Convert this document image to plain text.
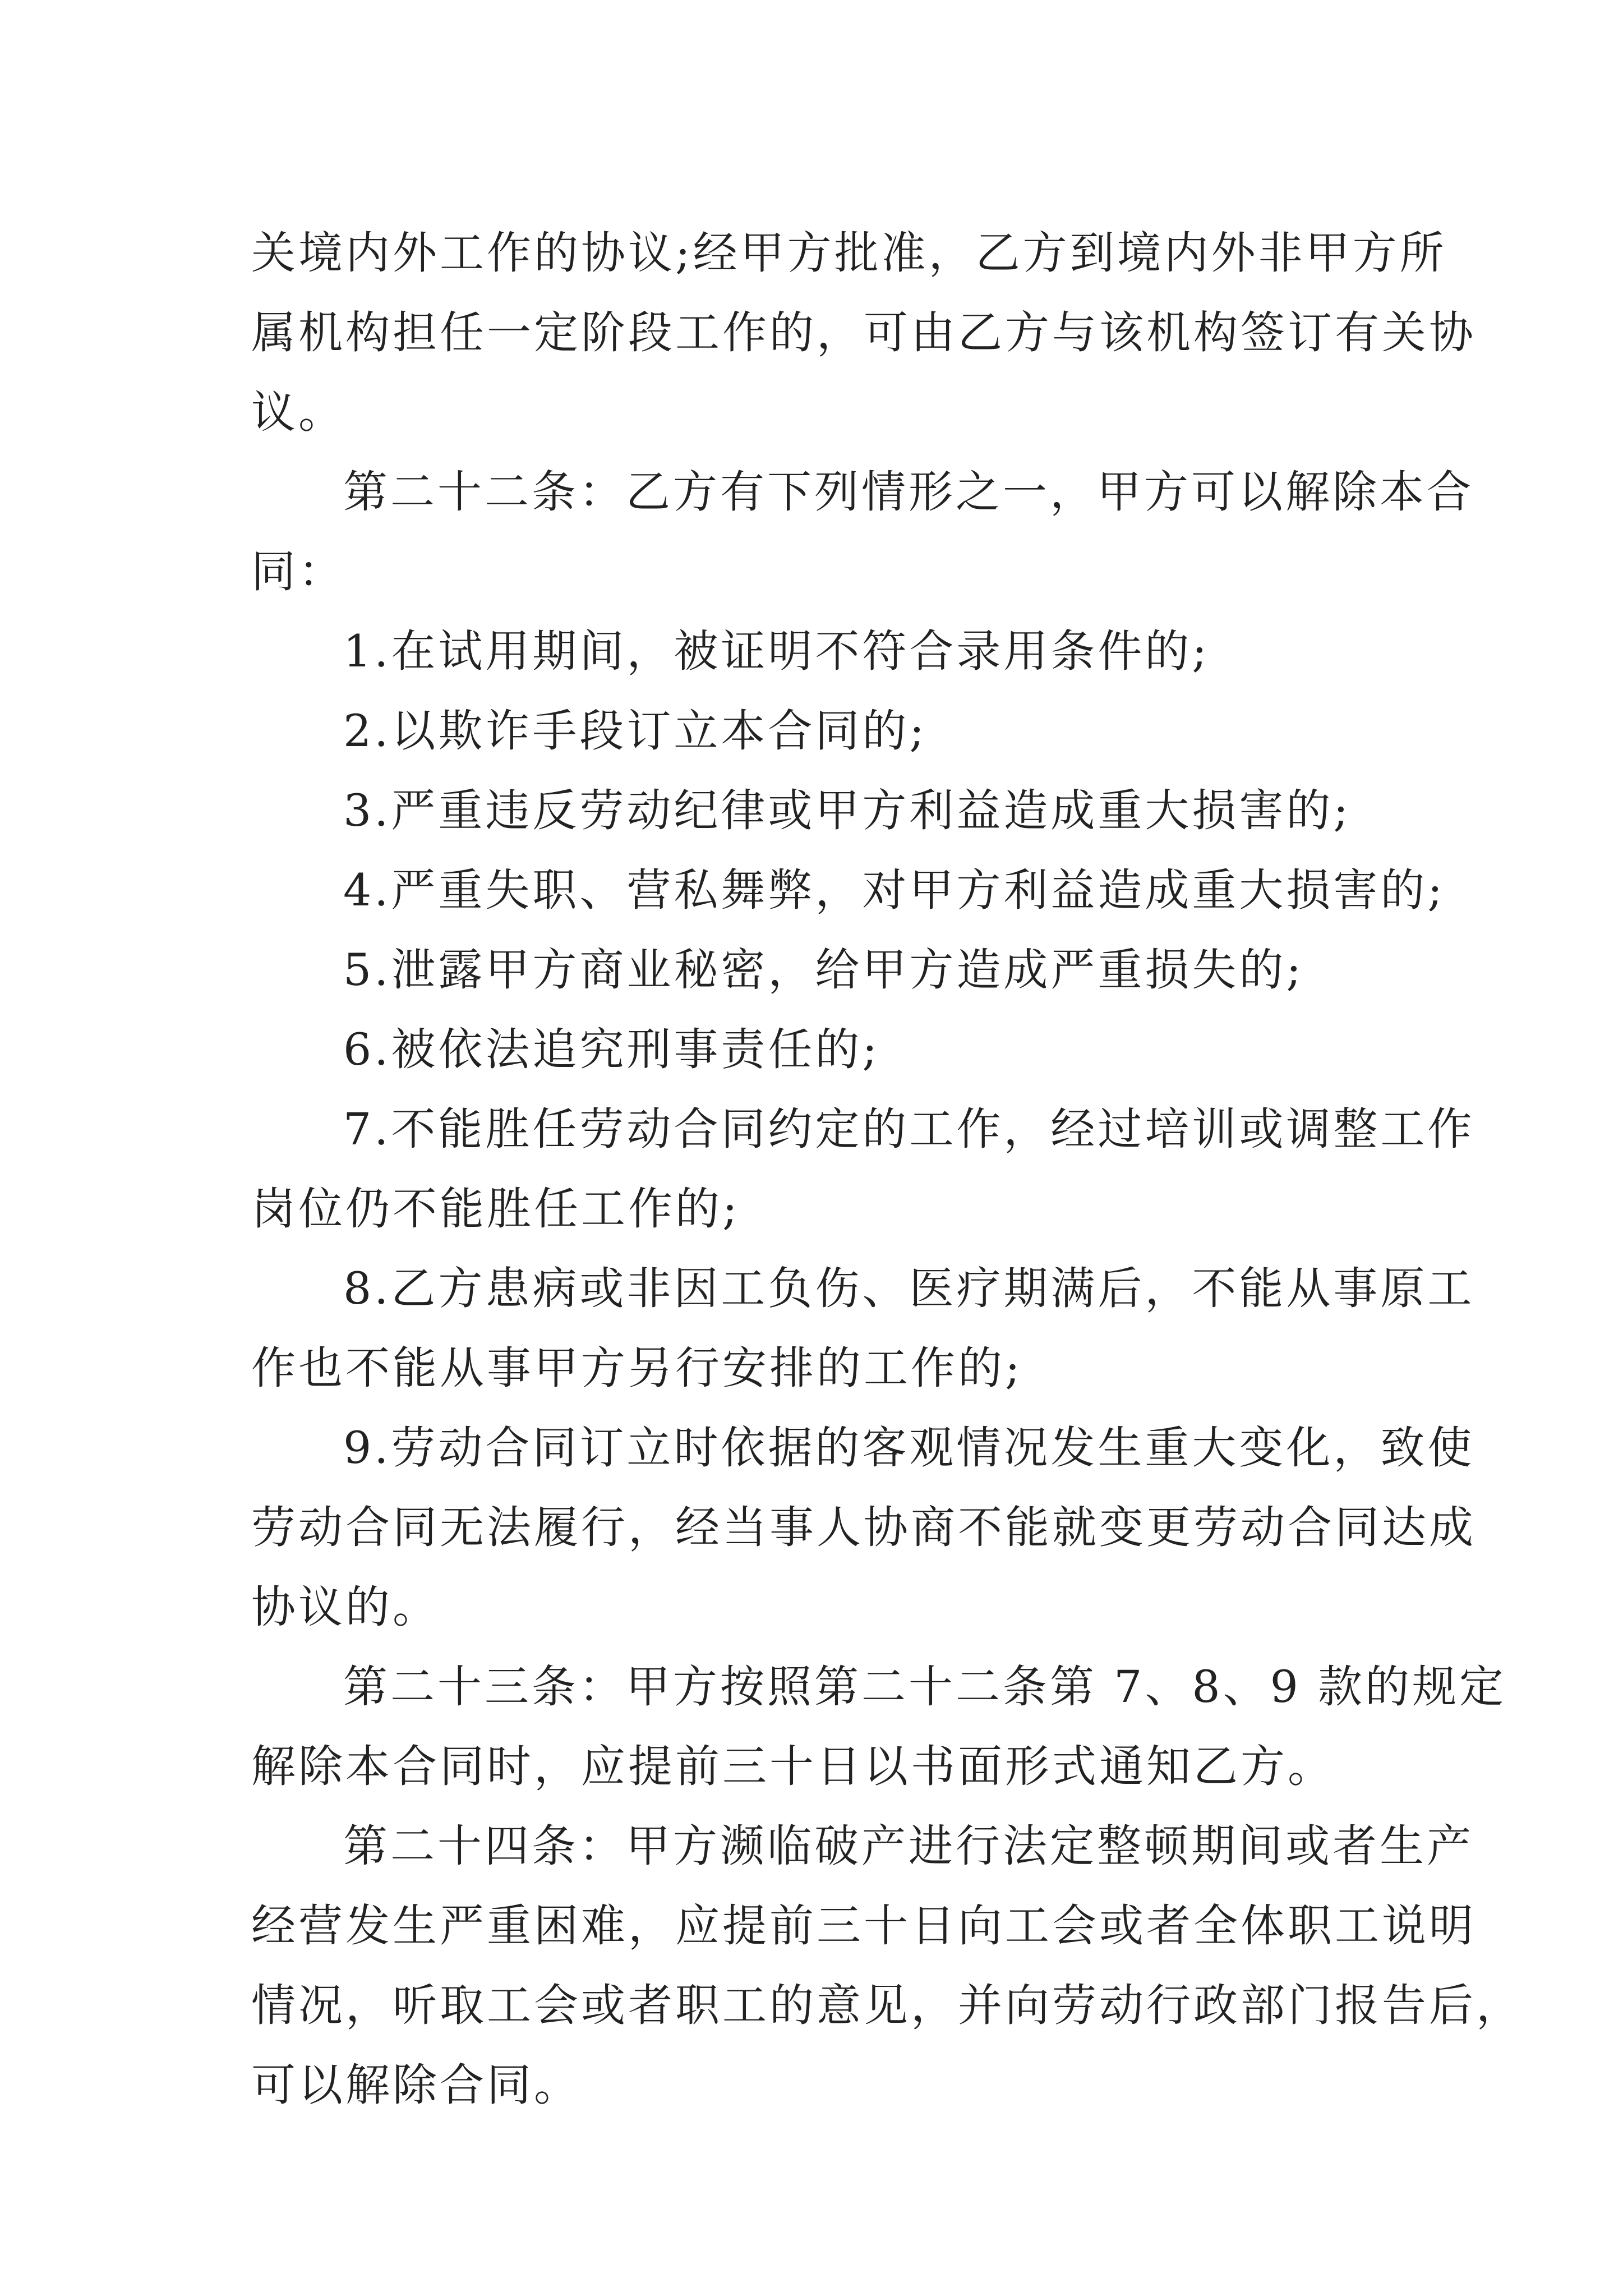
关境内外工作的协议;经甲方批准，乙方到境内外非甲方所
属机构担任一定阶段工作的，可由乙方与该机构签订有关协
议。
第二十二条：乙方有下列情形之一，甲方可以解除本合
同：
1.在试用期间，被证明不符合录用条件的;
2.以欺诈手段订立本合同的;
3.严重违反劳动纪律或甲方利益造成重大损害的;
4.严重失职、营私舞弊，对甲方利益造成重大损害的;
5.泄露甲方商业秘密，给甲方造成严重损失的;
6.被依法追究刑事责任的;
7.不能胜任劳动合同约定的工作，经过培训或调整工作
岗位仍不能胜任工作的;
8.乙方患病或非因工负伤、医疗期满后，不能从事原工
作也不能从事甲方另行安排的工作的;
9.劳动合同订立时依据的客观情况发生重大变化，致使
劳动合同无法履行，经当事人协商不能就变更劳动合同达成
协议的。
第二十三条：甲方按照第二十二条第 7、8、9 款的规定
解除本合同时，应提前三十日以书面形式通知乙方。
第二十四条：甲方濒临破产进行法定整顿期间或者生产
经营发生严重困难，应提前三十日向工会或者全体职工说明
情况，听取工会或者职工的意见，并向劳动行政部门报告后，
可以解除合同。
